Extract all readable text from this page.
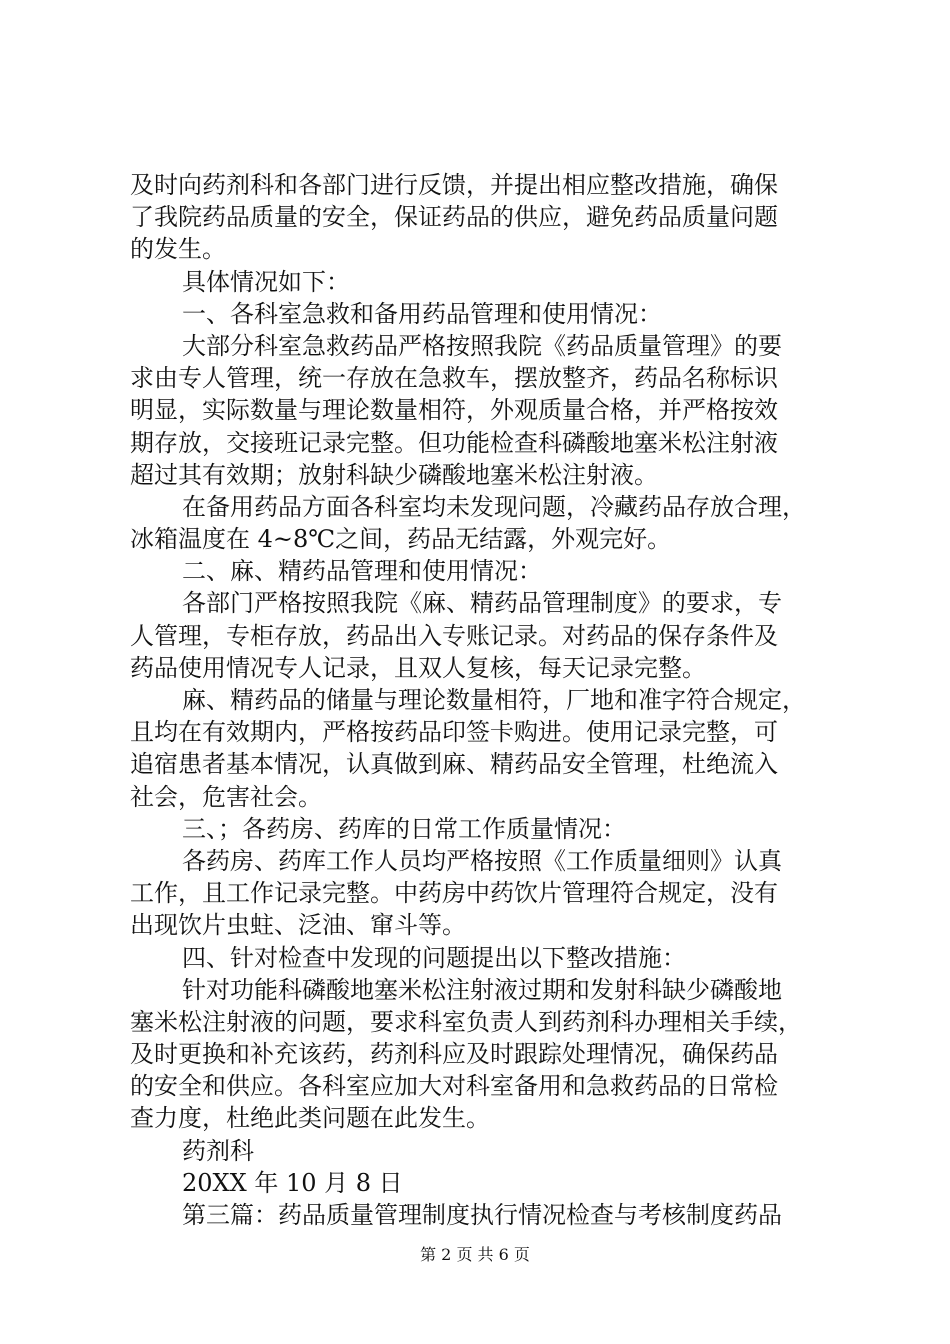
及时向药剂科和各部门进行反馈，并提出相应整改措施，确保
了我院药品质量的安全，保证药品的供应，避免药品质量问题
的发生。
具体情况如下：
一、各科室急救和备用药品管理和使用情况：
大部分科室急救药品严格按照我院《药品质量管理》的要
求由专人管理，统一存放在急救车，摆放整齐，药品名称标识
明显，实际数量与理论数量相符，外观质量合格，并严格按效
期存放，交接班记录完整。但功能检查科磷酸地塞米松注射液
超过其有效期；放射科缺少磷酸地塞米松注射液。
在备用药品方面各科室均未发现问题，冷藏药品存放合理，
冰箱温度在 4~8℃之间，药品无结露，外观完好。
二、麻、精药品管理和使用情况：
各部门严格按照我院《麻、精药品管理制度》的要求，专
人管理，专柜存放，药品出入专账记录。对药品的保存条件及
药品使用情况专人记录，且双人复核，每天记录完整。
麻、精药品的储量与理论数量相符，厂地和准字符合规定，
且均在有效期内，严格按药品印签卡购进。使用记录完整，可
追宿患者基本情况，认真做到麻、精药品安全管理，杜绝流入
社会，危害社会。
三、；各药房、药库的日常工作质量情况：
各药房、药库工作人员均严格按照《工作质量细则》认真
工作，且工作记录完整。中药房中药饮片管理符合规定，没有
出现饮片虫蛀、泛油、窜斗等。
四、针对检查中发现的问题提出以下整改措施：
针对功能科磷酸地塞米松注射液过期和发射科缺少磷酸地
塞米松注射液的问题，要求科室负责人到药剂科办理相关手续，
及时更换和补充该药，药剂科应及时跟踪处理情况，确保药品
的安全和供应。各科室应加大对科室备用和急救药品的日常检
查力度，杜绝此类问题在此发生。
药剂科
20XX 年 10 月 8 日
第三篇：药品质量管理制度执行情况检查与考核制度药品
第 2 页 共 6 页
